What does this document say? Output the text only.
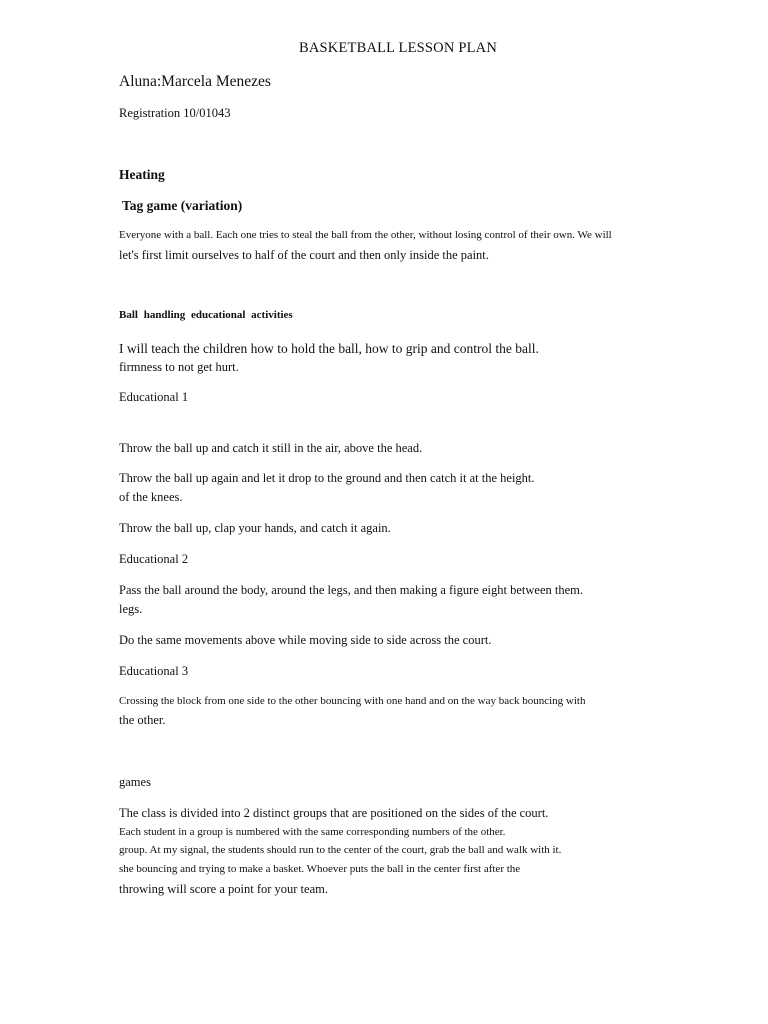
BASKETBALL LESSON PLAN
Aluna:Marcela Menezes
Registration 10/01043
Heating
Tag game (variation)
Everyone with a ball. Each one tries to steal the ball from the other, without losing control of their own. We will
let's first limit ourselves to half of the court and then only inside the paint.
Ball handling educational activities
I will teach the children how to hold the ball, how to grip and control the ball.
firmness to not get hurt.
Educational 1
Throw the ball up and catch it still in the air, above the head.
Throw the ball up again and let it drop to the ground and then catch it at the height.
of the knees.
Throw the ball up, clap your hands, and catch it again.
Educational 2
Pass the ball around the body, around the legs, and then making a figure eight between them.
legs.
Do the same movements above while moving side to side across the court.
Educational 3
Crossing the block from one side to the other bouncing with one hand and on the way back bouncing with
the other.
games
The class is divided into 2 distinct groups that are positioned on the sides of the court.
Each student in a group is numbered with the same corresponding numbers of the other.
group. At my signal, the students should run to the center of the court, grab the ball and walk with it.
she bouncing and trying to make a basket. Whoever puts the ball in the center first after the
throwing will score a point for your team.
